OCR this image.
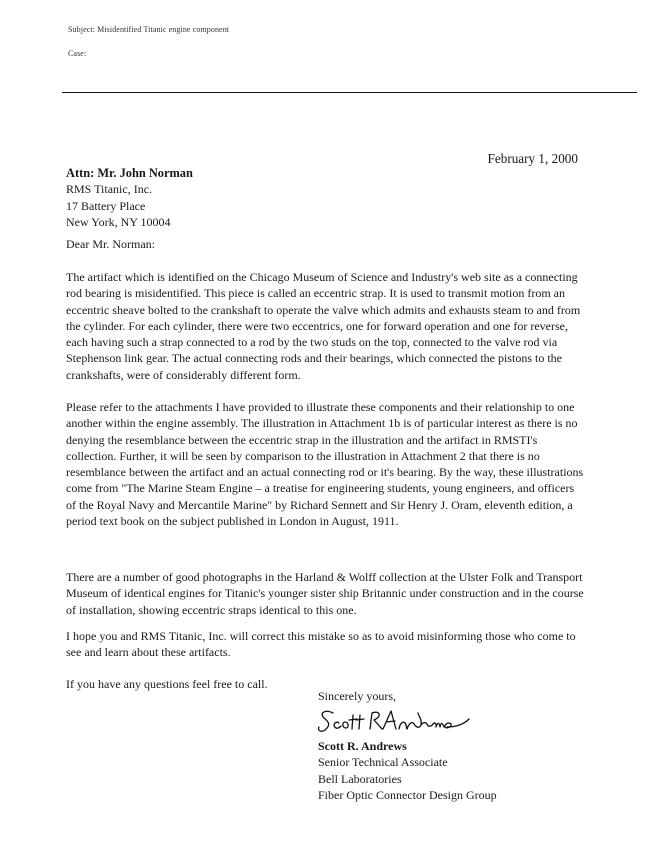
Subject: Misidentified Titanic engine component
Case:
February 1, 2000
Attn: Mr. John Norman
RMS Titanic, Inc.
17 Battery Place
New York, NY 10004
Dear Mr. Norman:

The artifact which is identified on the Chicago Museum of Science and Industry's web site as a connecting rod bearing is misidentified. This piece is called an eccentric strap. It is used to transmit motion from an eccentric sheave bolted to the crankshaft to operate the valve which admits and exhausts steam to and from the cylinder. For each cylinder, there were two eccentrics, one for forward operation and one for reverse, each having such a strap connected to a rod by the two studs on the top, connected to the valve rod via Stephenson link gear. The actual connecting rods and their bearings, which connected the pistons to the crankshafts, were of considerably different form.

Please refer to the attachments I have provided to illustrate these components and their relationship to one another within the engine assembly. The illustration in Attachment 1b is of particular interest as there is no denying the resemblance between the eccentric strap in the illustration and the artifact in RMSTI's collection. Further, it will be seen by comparison to the illustration in Attachment 2 that there is no resemblance between the artifact and an actual connecting rod or it's bearing. By the way, these illustrations come from "The Marine Steam Engine – a treatise for engineering students, young engineers, and officers of the Royal Navy and Mercantile Marine" by Richard Sennett and Sir Henry J. Oram, eleventh edition, a period text book on the subject published in London in August, 1911.

There are a number of good photographs in the Harland & Wolff collection at the Ulster Folk and Transport Museum of identical engines for Titanic's younger sister ship Britannic under construction and in the course of installation, showing eccentric straps identical to this one.

I hope you and RMS Titanic, Inc. will correct this mistake so as to avoid misinforming those who come to see and learn about these artifacts.

If you have any questions feel free to call.

Sincerely yours,
Scott R. Andrews
Senior Technical Associate
Bell Laboratories
Fiber Optic Connector Design Group
